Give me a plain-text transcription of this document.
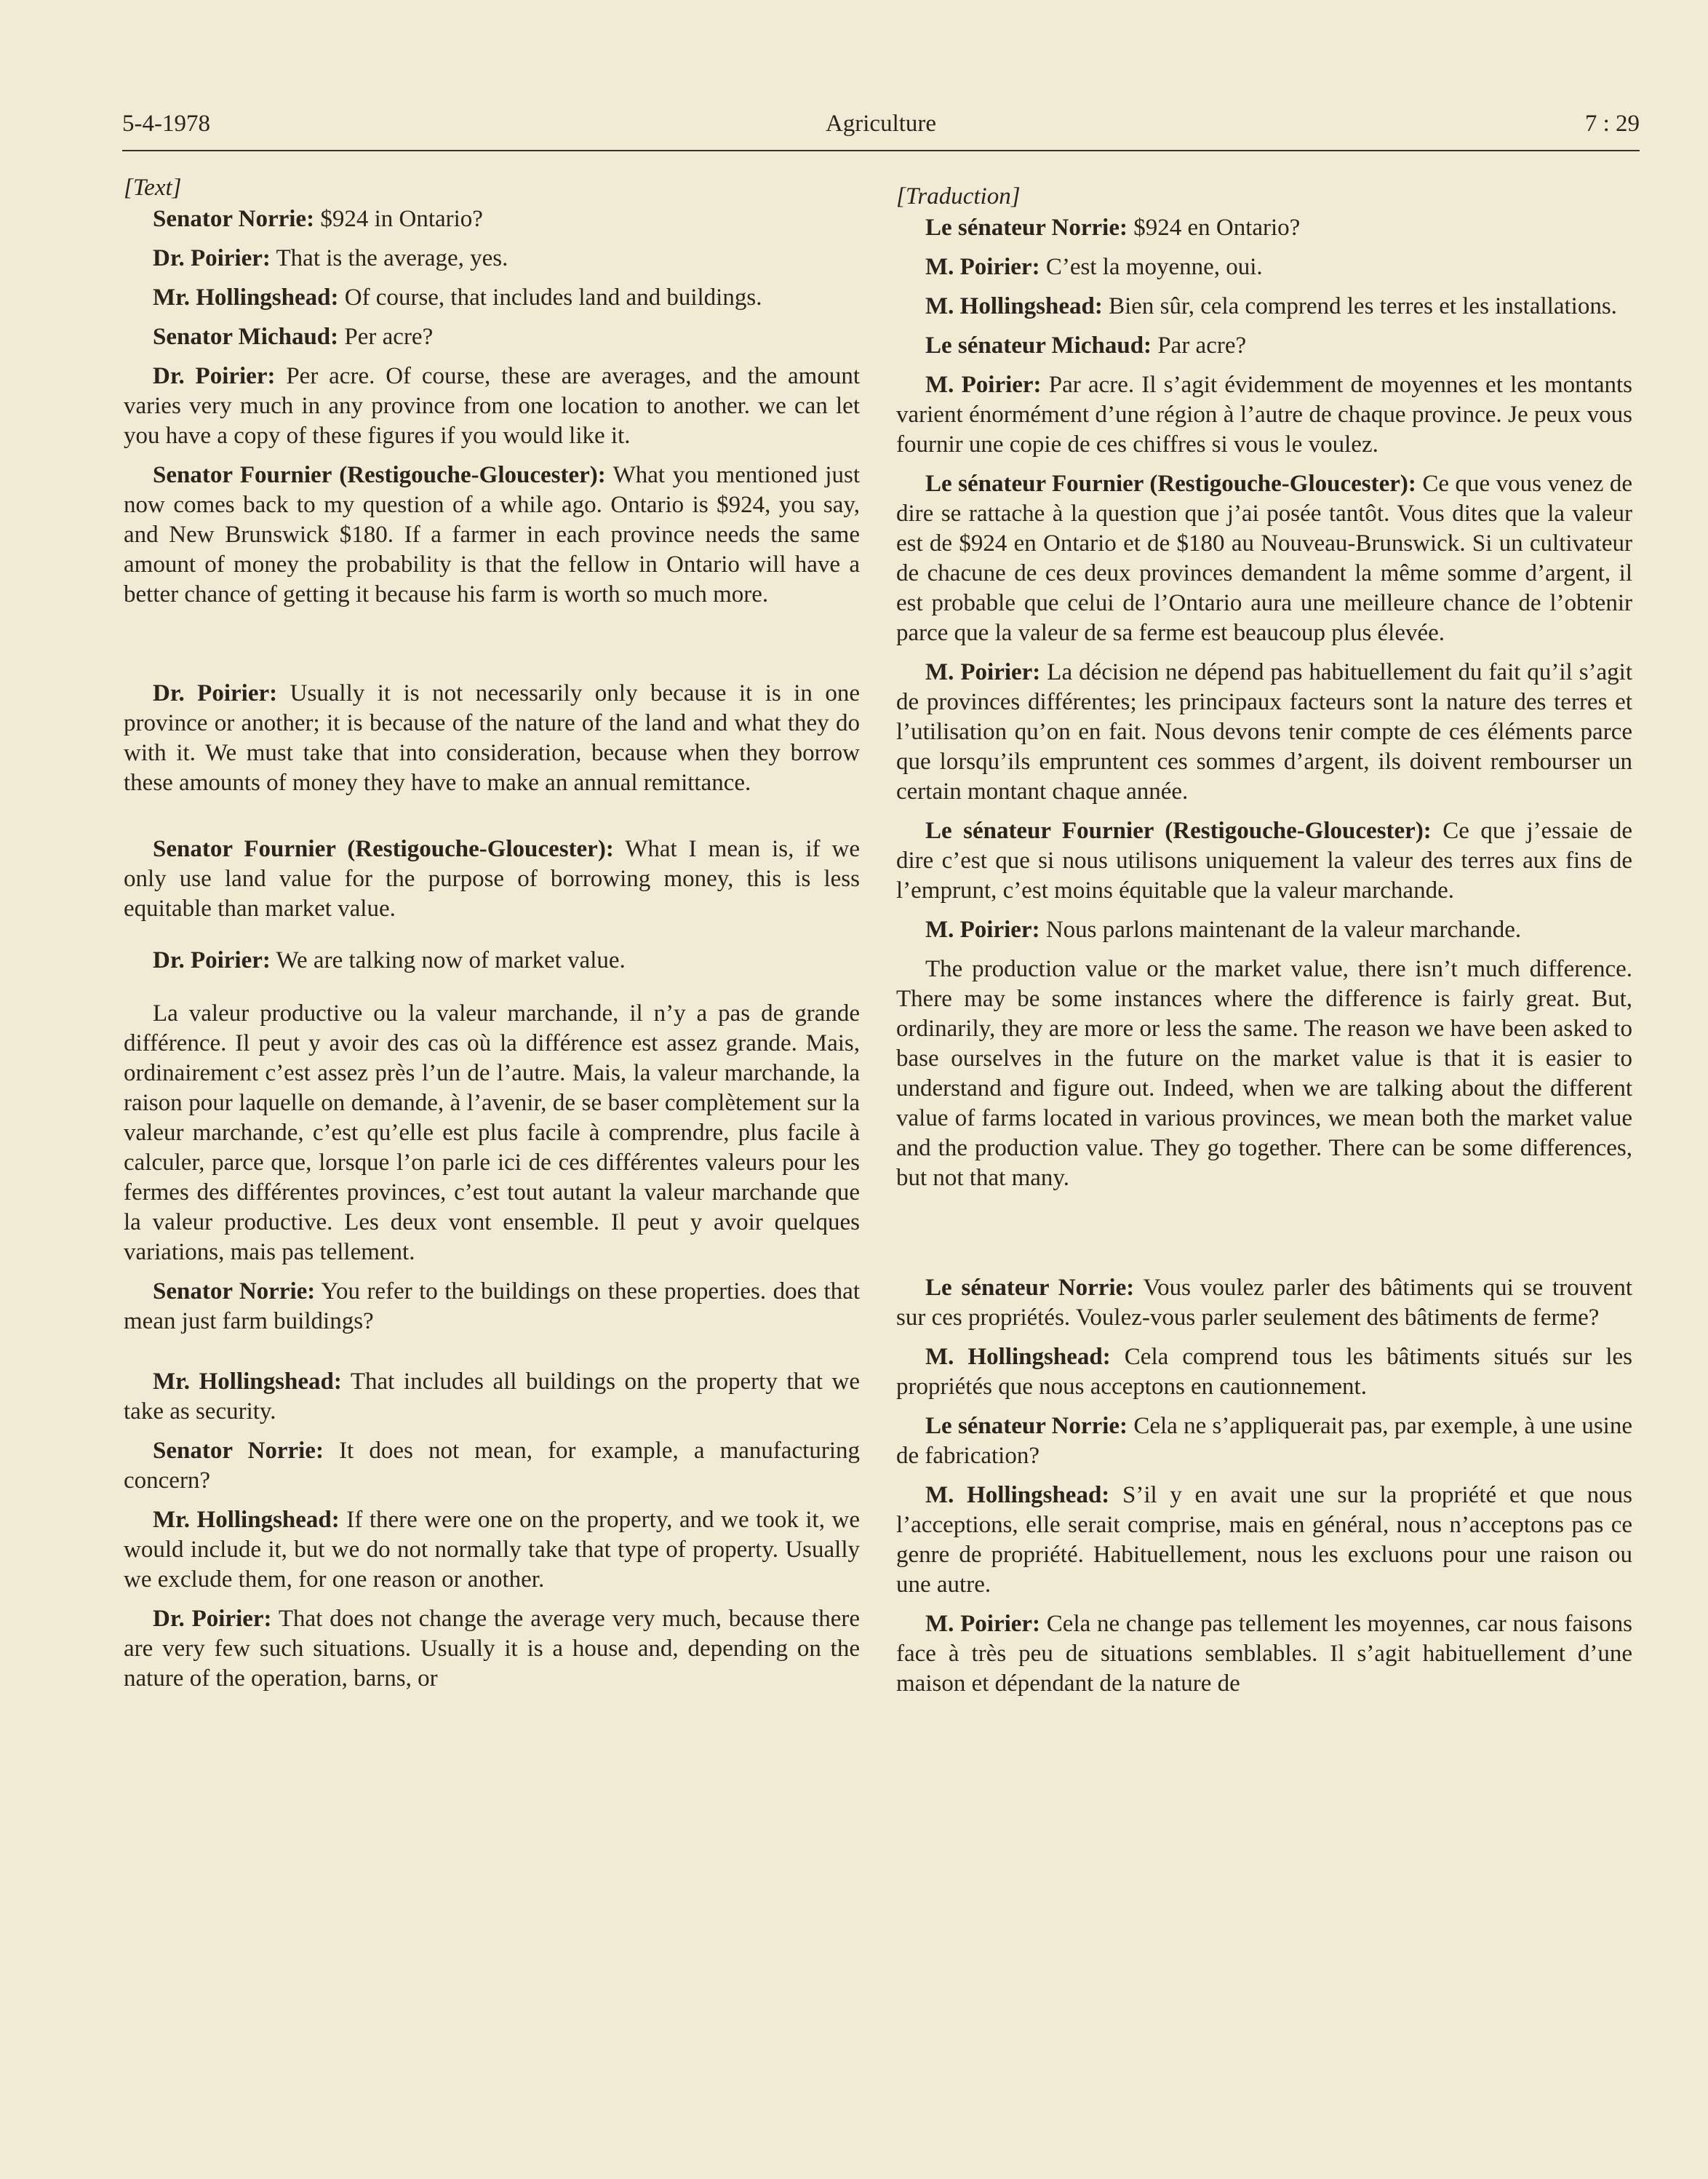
5-4-1978	Agriculture	7 : 29

[Text]

Senator Norrie: $924 in Ontario?

Dr. Poirier: That is the average, yes.

Mr. Hollingshead: Of course, that includes land and buildings.

Senator Michaud: Per acre?

Dr. Poirier: Per acre. Of course, these are averages, and the amount varies very much in any province from one location to another. we can let you have a copy of these figures if you would like it.

Senator Fournier (Restigouche-Gloucester): What you mentioned just now comes back to my question of a while ago. Ontario is $924, you say, and New Brunswick $180. If a farmer in each province needs the same amount of money the probability is that the fellow in Ontario will have a better chance of getting it because his farm is worth so much more.

Dr. Poirier: Usually it is not necessarily only because it is in one province or another; it is because of the nature of the land and what they do with it. We must take that into consideration, because when they borrow these amounts of money they have to make an annual remittance.

Senator Fournier (Restigouche-Gloucester): What I mean is, if we only use land value for the purpose of borrowing money, this is less equitable than market value.

Dr. Poirier: We are talking now of market value.

La valeur productive ou la valeur marchande, il n’y a pas de grande différence. Il peut y avoir des cas où la différence est assez grande. Mais, ordinairement c’est assez près l’un de l’autre. Mais, la valeur marchande, la raison pour laquelle on demande, à l’avenir, de se baser complètement sur la valeur marchande, c’est qu’elle est plus facile à comprendre, plus facile à calculer, parce que, lorsque l’on parle ici de ces différentes valeurs pour les fermes des différentes provinces, c’est tout autant la valeur marchande que la valeur productive. Les deux vont ensemble. Il peut y avoir quelques variations, mais pas tellement.

Senator Norrie: You refer to the buildings on these properties. does that mean just farm buildings?

Mr. Hollingshead: That includes all buildings on the property that we take as security.

Senator Norrie: It does not mean, for example, a manufacturing concern?

Mr. Hollingshead: If there were one on the property, and we took it, we would include it, but we do not normally take that type of property. Usually we exclude them, for one reason or another.

Dr. Poirier: That does not change the average very much, because there are very few such situations. Usually it is a house and, depending on the nature of the operation, barns, or

[Traduction]

Le sénateur Norrie: $924 en Ontario?

M. Poirier: C’est la moyenne, oui.

M. Hollingshead: Bien sûr, cela comprend les terres et les installations.

Le sénateur Michaud: Par acre?

M. Poirier: Par acre. Il s’agit évidemment de moyennes et les montants varient énormément d’une région à l’autre de chaque province. Je peux vous fournir une copie de ces chiffres si vous le voulez.

Le sénateur Fournier (Restigouche-Gloucester): Ce que vous venez de dire se rattache à la question que j’ai posée tantôt. Vous dites que la valeur est de $924 en Ontario et de $180 au Nouveau-Brunswick. Si un cultivateur de chacune de ces deux provinces demandent la même somme d’argent, il est probable que celui de l’Ontario aura une meilleure chance de l’obtenir parce que la valeur de sa ferme est beaucoup plus élevée.

M. Poirier: La décision ne dépend pas habituellement du fait qu’il s’agit de provinces différentes; les principaux facteurs sont la nature des terres et l’utilisation qu’on en fait. Nous devons tenir compte de ces éléments parce que lorsqu’ils empruntent ces sommes d’argent, ils doivent rembourser un certain montant chaque année.

Le sénateur Fournier (Restigouche-Gloucester): Ce que j’essaie de dire c’est que si nous utilisons uniquement la valeur des terres aux fins de l’emprunt, c’est moins équitable que la valeur marchande.

M. Poirier: Nous parlons maintenant de la valeur marchande.

The production value or the market value, there isn’t much difference. There may be some instances where the difference is fairly great. But, ordinarily, they are more or less the same. The reason we have been asked to base ourselves in the future on the market value is that it is easier to understand and figure out. Indeed, when we are talking about the different value of farms located in various provinces, we mean both the market value and the production value. They go together. There can be some differences, but not that many.

Le sénateur Norrie: Vous voulez parler des bâtiments qui se trouvent sur ces propriétés. Voulez-vous parler seulement des bâtiments de ferme?

M. Hollingshead: Cela comprend tous les bâtiments situés sur les propriétés que nous acceptons en cautionnement.

Le sénateur Norrie: Cela ne s’appliquerait pas, par exemple, à une usine de fabrication?

M. Hollingshead: S’il y en avait une sur la propriété et que nous l’acceptions, elle serait comprise, mais en général, nous n’acceptons pas ce genre de propriété. Habituellement, nous les excluons pour une raison ou une autre.

M. Poirier: Cela ne change pas tellement les moyennes, car nous faisons face à très peu de situations semblables. Il s’agit habituellement d’une maison et dépendant de la nature de
